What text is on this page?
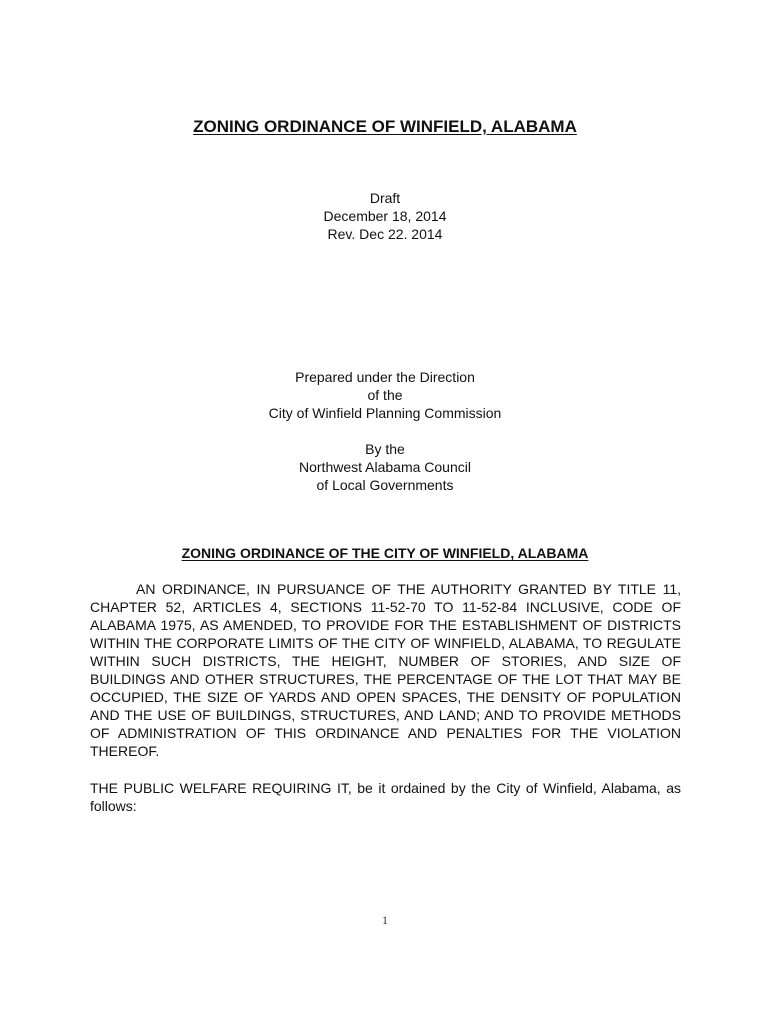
ZONING ORDINANCE OF WINFIELD, ALABAMA
Draft
December 18, 2014
Rev. Dec 22. 2014
Prepared under the Direction
of the
City of Winfield Planning Commission
By the
Northwest Alabama Council
of Local Governments
ZONING ORDINANCE OF THE CITY OF WINFIELD, ALABAMA
AN ORDINANCE, IN PURSUANCE OF THE AUTHORITY GRANTED BY TITLE 11, CHAPTER 52, ARTICLES 4, SECTIONS 11-52-70 TO 11-52-84 INCLUSIVE, CODE OF ALABAMA 1975, AS AMENDED, TO PROVIDE FOR THE ESTABLISHMENT OF DISTRICTS WITHIN THE CORPORATE LIMITS OF THE CITY OF WINFIELD, ALABAMA, TO REGULATE WITHIN SUCH DISTRICTS, THE HEIGHT, NUMBER OF STORIES, AND SIZE OF BUILDINGS AND OTHER STRUCTURES, THE PERCENTAGE OF THE LOT THAT MAY BE OCCUPIED, THE SIZE OF YARDS AND OPEN SPACES, THE DENSITY OF POPULATION AND THE USE OF BUILDINGS, STRUCTURES, AND LAND; AND TO PROVIDE METHODS OF ADMINISTRATION OF THIS ORDINANCE AND PENALTIES FOR THE VIOLATION THEREOF.
THE PUBLIC WELFARE REQUIRING IT, be it ordained by the City of Winfield, Alabama, as follows:
1
